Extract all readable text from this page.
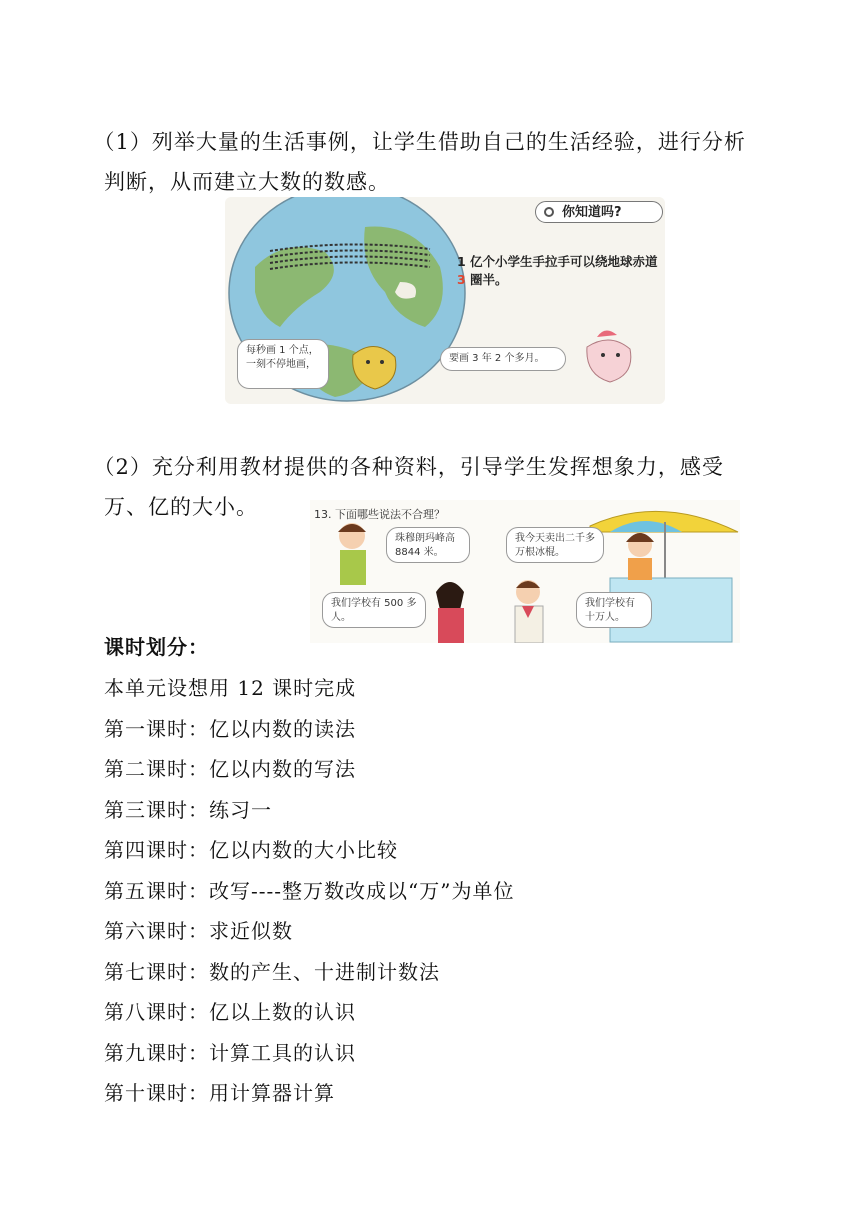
（1）列举大量的生活事例，让学生借助自己的生活经验，进行分析判断，从而建立大数的数感。

你知道吗?
1 亿个小学生手拉手可以绕地球赤道 3 圈半。
每秒画 1 个点，一刻不停地画，
要画 3 年 2 个多月。

（2）充分利用教材提供的各种资料，引导学生发挥想象力，感受万、亿的大小。	13. 下面哪些说法不合理？
珠穆朗玛峰高 8844 米。
我今天卖出二千多万根冰棍。
我们学校有 500 多人。
我们学校有十万人。

课时划分：

本单元设想用 12 课时完成
第一课时：亿以内数的读法
第二课时：亿以内数的写法
第三课时：练习一
第四课时：亿以内数的大小比较
第五课时：改写----整万数改成以“万”为单位
第六课时：求近似数
第七课时：数的产生、十进制计数法
第八课时：亿以上数的认识
第九课时：计算工具的认识
第十课时：用计算器计算
